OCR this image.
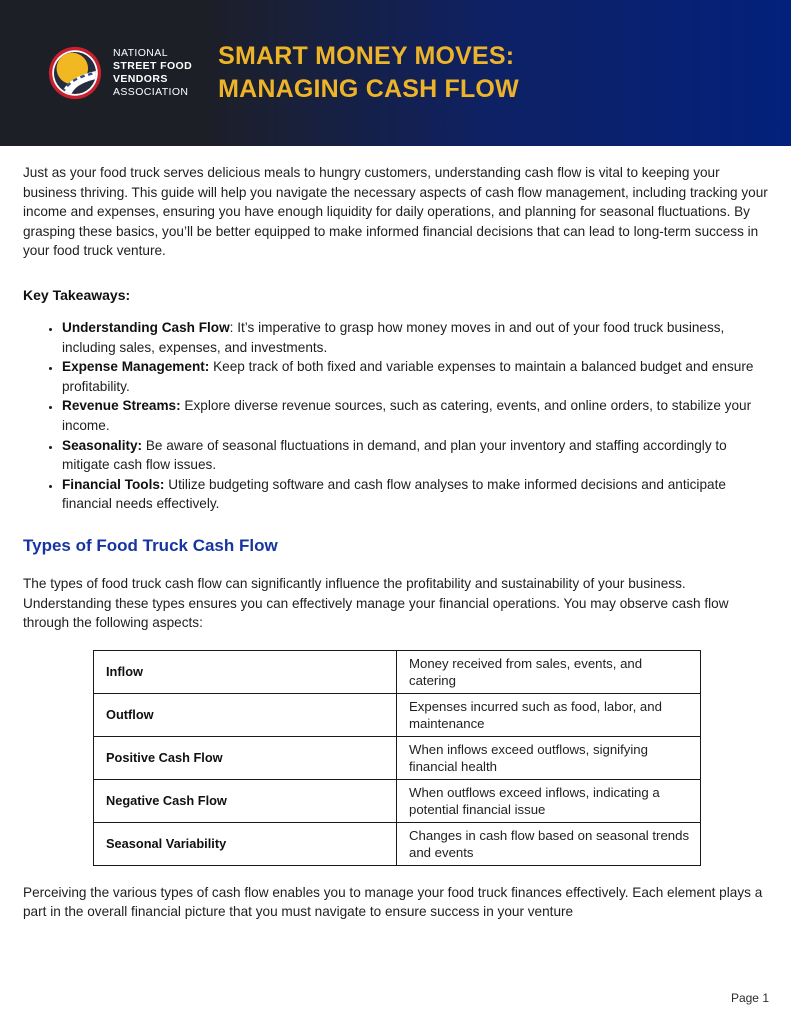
NATIONAL
STREET FOOD
VENDORS
ASSOCIATION
SMART MONEY MOVES:
MANAGING CASH FLOW

Just as your food truck serves delicious meals to hungry customers, understanding cash flow is vital to keeping your business thriving. This guide will help you navigate the necessary aspects of cash flow management, including tracking your income and expenses, ensuring you have enough liquidity for daily operations, and planning for seasonal fluctuations. By grasping these basics, you’ll be better equipped to make informed financial decisions that can lead to long-term success in your food truck venture.

Key Takeaways:
• Understanding Cash Flow: It’s imperative to grasp how money moves in and out of your food truck business, including sales, expenses, and investments.
• Expense Management: Keep track of both fixed and variable expenses to maintain a balanced budget and ensure profitability.
• Revenue Streams: Explore diverse revenue sources, such as catering, events, and online orders, to stabilize your income.
• Seasonality: Be aware of seasonal fluctuations in demand, and plan your inventory and staffing accordingly to mitigate cash flow issues.
• Financial Tools: Utilize budgeting software and cash flow analyses to make informed decisions and anticipate financial needs effectively.
Types of Food Truck Cash Flow

The types of food truck cash flow can significantly influence the profitability and sustainability of your business. Understanding these types ensures you can effectively manage your financial operations. You may observe cash flow through the following aspects:

Inflow	Money received from sales, events, and catering
Outflow	Expenses incurred such as food, labor, and maintenance
Positive Cash Flow	When inflows exceed outflows, signifying financial health
Negative Cash Flow	When outflows exceed inflows, indicating a potential financial issue
Seasonal Variability	Changes in cash flow based on seasonal trends and events

Perceiving the various types of cash flow enables you to manage your food truck finances effectively. Each element plays a part in the overall financial picture that you must navigate to ensure success in your venture

Page 1
